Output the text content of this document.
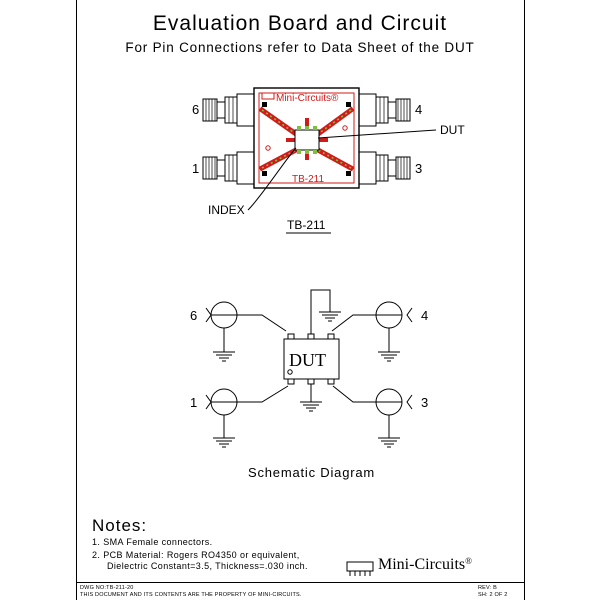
Evaluation Board and Circuit
For Pin Connections refer to Data Sheet of the DUT
Mini-Circuits®
TB-211
DUT
INDEX
6	4
1	3
TB-211
DUT
6	4
1	3
Schematic Diagram
Notes:
1. SMA Female connectors.
2. PCB Material: Rogers RO4350 or equivalent,
Dielectric Constant=3.5, Thickness=.030 inch.	Mini-Circuits®
DWG NO:TB-211-20
THIS DOCUMENT AND ITS CONTENTS ARE THE PROPERTY OF MINI-CIRCUITS.
REV: B
SH: 2 OF 2
